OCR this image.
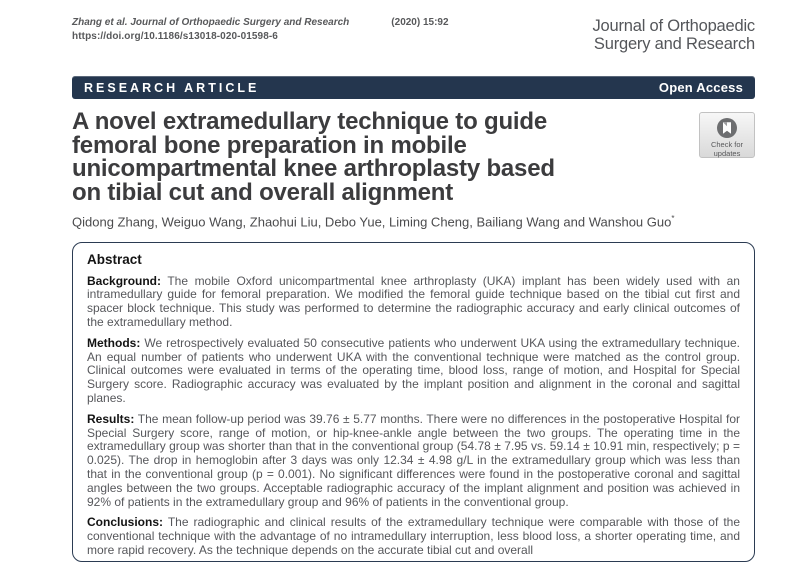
Zhang et al. Journal of Orthopaedic Surgery and Research	(2020) 15:92
https://doi.org/10.1186/s13018-020-01598-6
Journal of Orthopaedic
Surgery and Research
RESEARCH ARTICLE	Open Access
A novel extramedullary technique to guide
femoral bone preparation in mobile
unicompartmental knee arthroplasty based
on tibial cut and overall alignment
Check for
updates
Qidong Zhang, Weiguo Wang, Zhaohui Liu, Debo Yue, Liming Cheng, Bailiang Wang and Wanshou Guo*
Abstract

Background: The mobile Oxford unicompartmental knee arthroplasty (UKA) implant has been widely used with an intramedullary guide for femoral preparation. We modified the femoral guide technique based on the tibial cut first and spacer block technique. This study was performed to determine the radiographic accuracy and early clinical outcomes of the extramedullary method.

Methods: We retrospectively evaluated 50 consecutive patients who underwent UKA using the extramedullary technique. An equal number of patients who underwent UKA with the conventional technique were matched as the control group. Clinical outcomes were evaluated in terms of the operating time, blood loss, range of motion, and Hospital for Special Surgery score. Radiographic accuracy was evaluated by the implant position and alignment in the coronal and sagittal planes.

Results: The mean follow-up period was 39.76 ± 5.77 months. There were no differences in the postoperative Hospital for Special Surgery score, range of motion, or hip-knee-ankle angle between the two groups. The operating time in the extramedullary group was shorter than that in the conventional group (54.78 ± 7.95 vs. 59.14 ± 10.91 min, respectively; p = 0.025). The drop in hemoglobin after 3 days was only 12.34 ± 4.98 g/L in the extramedullary group which was less than that in the conventional group (p = 0.001). No significant differences were found in the postoperative coronal and sagittal angles between the two groups. Acceptable radiographic accuracy of the implant alignment and position was achieved in 92% of patients in the extramedullary group and 96% of patients in the conventional group.

Conclusions: The radiographic and clinical results of the extramedullary technique were comparable with those of the conventional technique with the advantage of no intramedullary interruption, less blood loss, a shorter operating time, and more rapid recovery. As the technique depends on the accurate tibial cut and overall
